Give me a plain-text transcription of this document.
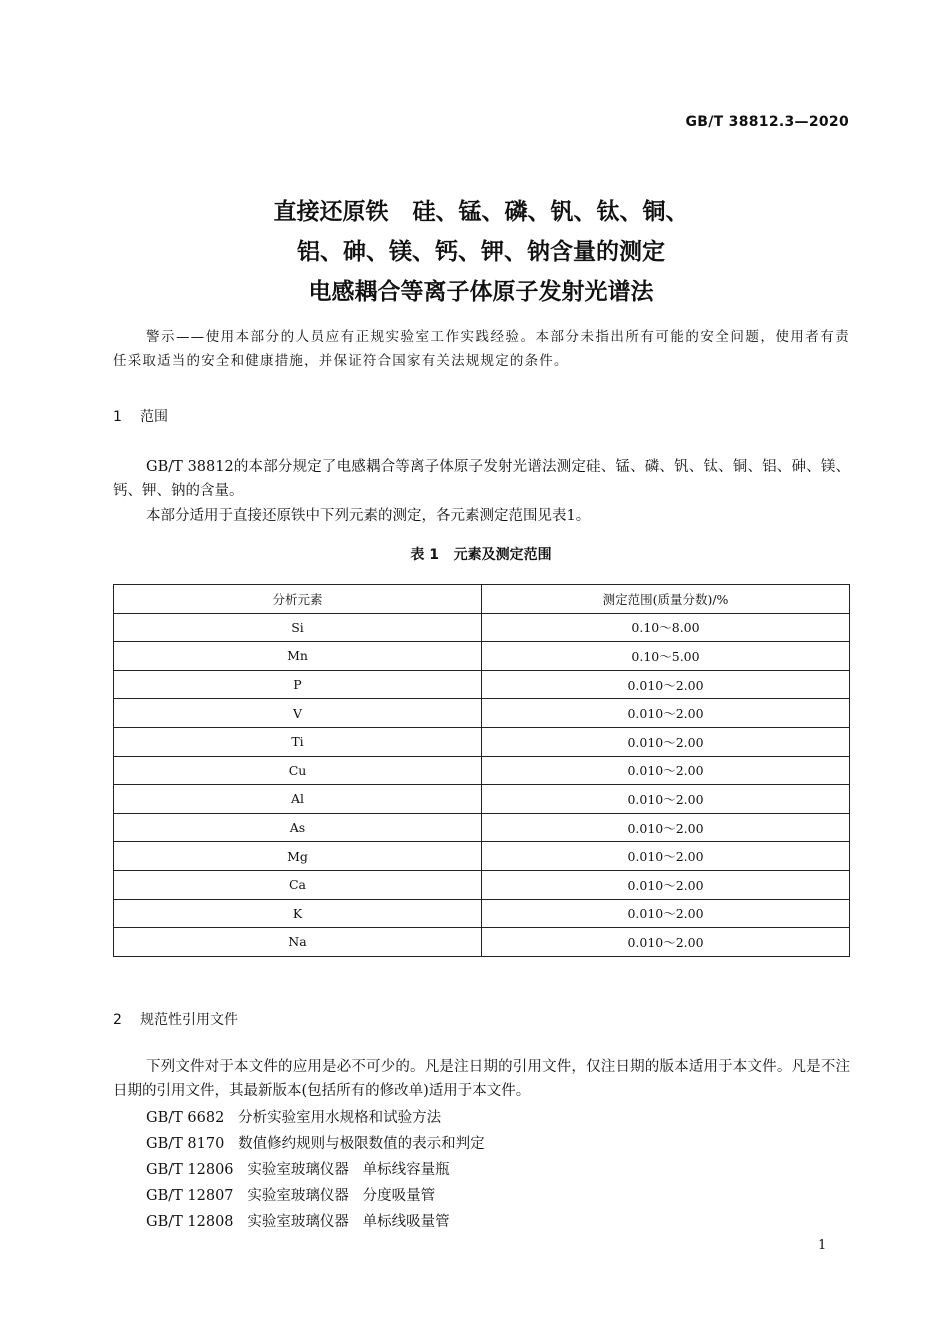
GB/T 38812.3—2020
直接还原铁   硅、锰、磷、钒、钛、铜、
铝、砷、镁、钙、钾、钠含量的测定
电感耦合等离子体原子发射光谱法
警示——使用本部分的人员应有正规实验室工作实践经验。本部分未指出所有可能的安全问题，使用者有责任采取适当的安全和健康措施，并保证符合国家有关法规规定的条件。
1 范围
GB/T 38812的本部分规定了电感耦合等离子体原子发射光谱法测定硅、锰、磷、钒、钛、铜、铝、砷、镁、钙、钾、钠的含量。
本部分适用于直接还原铁中下列元素的测定，各元素测定范围见表1。
表 1   元素及测定范围
分析元素	测定范围(质量分数)/%
Si	0.10～8.00
Mn	0.10～5.00
P	0.010～2.00
V	0.010～2.00
Ti	0.010～2.00
Cu	0.010～2.00
Al	0.010～2.00
As	0.010～2.00
Mg	0.010～2.00
Ca	0.010～2.00
K	0.010～2.00
Na	0.010～2.00
2 规范性引用文件
下列文件对于本文件的应用是必不可少的。凡是注日期的引用文件，仅注日期的版本适用于本文件。凡是不注日期的引用文件，其最新版本(包括所有的修改单)适用于本文件。
GB/T 6682   分析实验室用水规格和试验方法
GB/T 8170   数值修约规则与极限数值的表示和判定
GB/T 12806   实验室玻璃仪器   单标线容量瓶
GB/T 12807   实验室玻璃仪器   分度吸量管
GB/T 12808   实验室玻璃仪器   单标线吸量管
1
